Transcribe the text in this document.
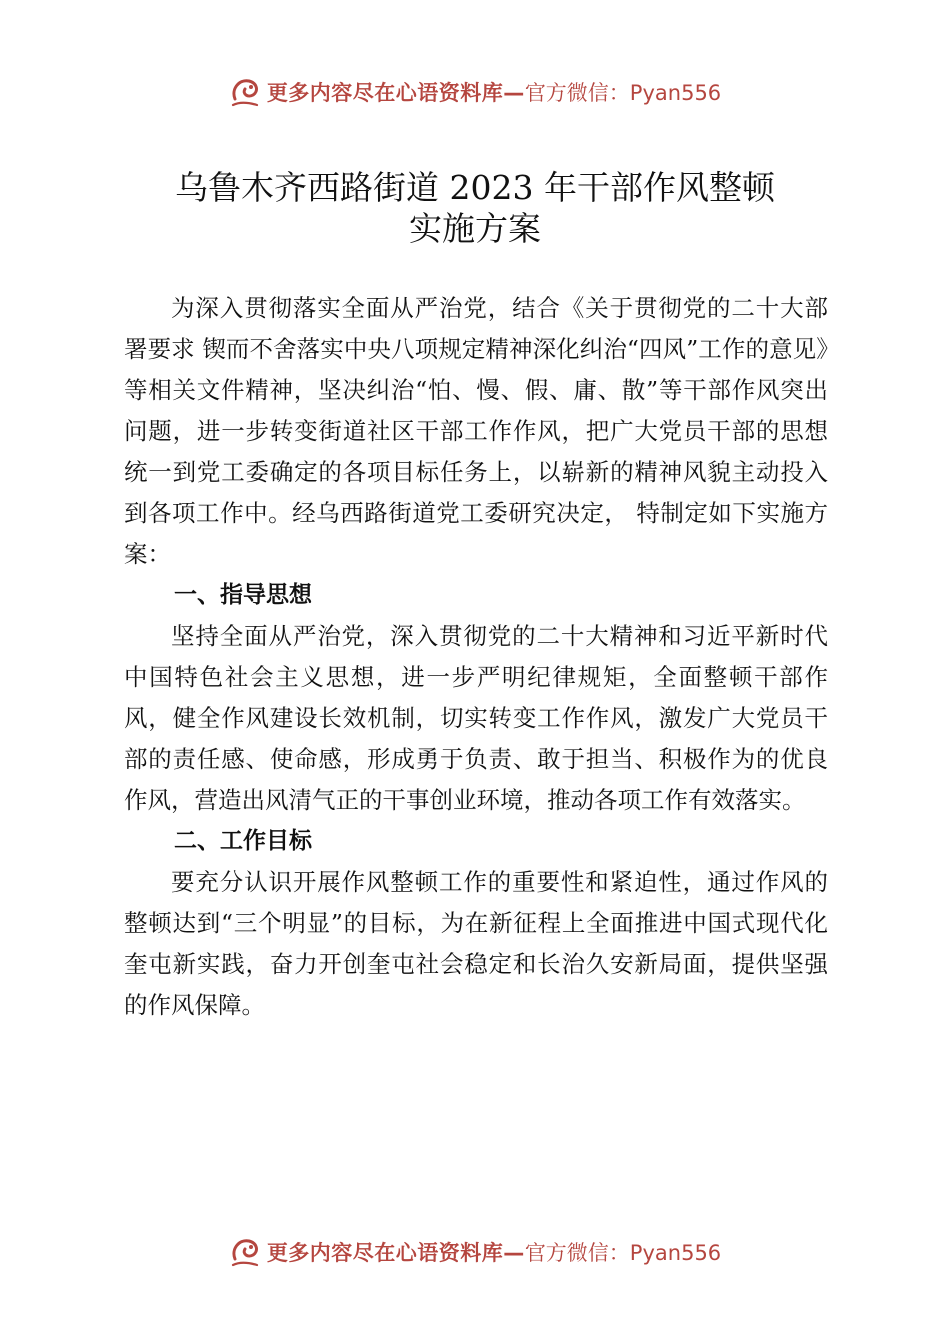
更多内容尽在心语资料库— 官方微信：Pyan556
乌鲁木齐西路街道 2023 年干部作风整顿
实施方案

为深入贯彻落实全面从严治党，结合《关于贯彻党的二十大部署要求 锲而不舍落实中央八项规定精神深化纠治“四风”工作的意见》等相关文件精神，坚决纠治“怕、慢、假、庸、散”等干部作风突出问题，进一步转变街道社区干部工作作风，把广大党员干部的思想统一到党工委确定的各项目标任务上，以崭新的精神风貌主动投入到各项工作中。经乌西路街道党工委研究决定， 特制定如下实施方案：

一、指导思想

坚持全面从严治党，深入贯彻党的二十大精神和习近平新时代中国特色社会主义思想，进一步严明纪律规矩，全面整顿干部作风，健全作风建设长效机制，切实转变工作作风，激发广大党员干部的责任感、使命感，形成勇于负责、敢于担当、积极作为的优良作风，营造出风清气正的干事创业环境，推动各项工作有效落实。

二、工作目标

要充分认识开展作风整顿工作的重要性和紧迫性，通过作风的整顿达到“三个明显”的目标，为在新征程上全面推进中国式现代化奎屯新实践，奋力开创奎屯社会稳定和长治久安新局面，提供坚强的作风保障。

更多内容尽在心语资料库— 官方微信：Pyan556
